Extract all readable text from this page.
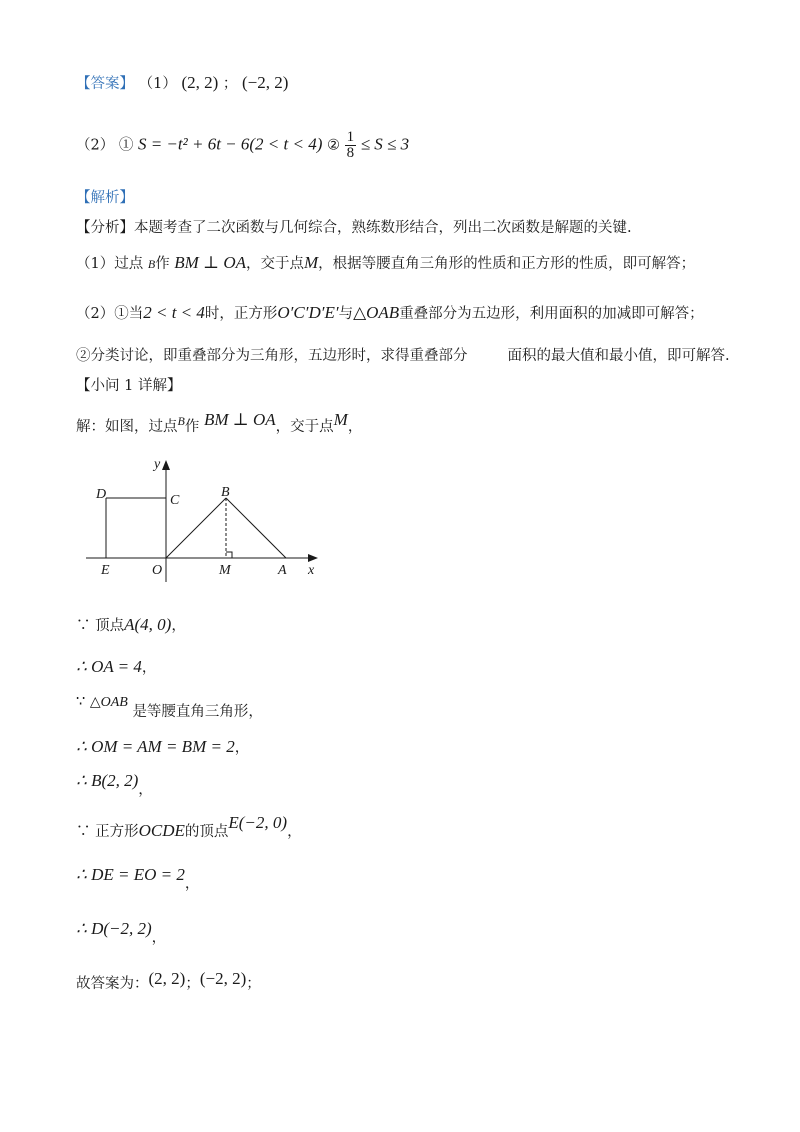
【答案】 （1） (2, 2) ； (−2, 2)
（2） ① S = −t² + 6t − 6(2 < t < 4) ② $\frac{1}{8} \le S \le 3$
【解析】
【分析】本题考查了二次函数与几何综合，熟练数形结合，列出二次函数是解题的关键.
（1）过点 B作 BM ⊥ OA，交于点M，根据等腰直角三角形的性质和正方形的性质，即可解答；
（2）①当2 < t < 4时，正方形O′C′D′E′与△OAB重叠部分为五边形，利用面积的加减即可解答；
②分类讨论，即重叠部分为三角形，五边形时，求得重叠部分	面积的最大值和最小值，即可解答.
【小问 1 详解】
解：如图，过点$^B$作 BM ⊥ OA，交于点M，
y
x
D	C
B
E	O	M	A
∵ 顶点A(4, 0)，
∴ OA = 4，
∵ △OAB 是等腰直角三角形，
∴ OM = AM = BM = 2，
∴ B(2, 2)，
∵ 正方形OCDE的顶点E(−2, 0)，
∴ DE = EO = 2，
∴ D(−2, 2)，
故答案为：(2, 2)；(−2, 2)；
